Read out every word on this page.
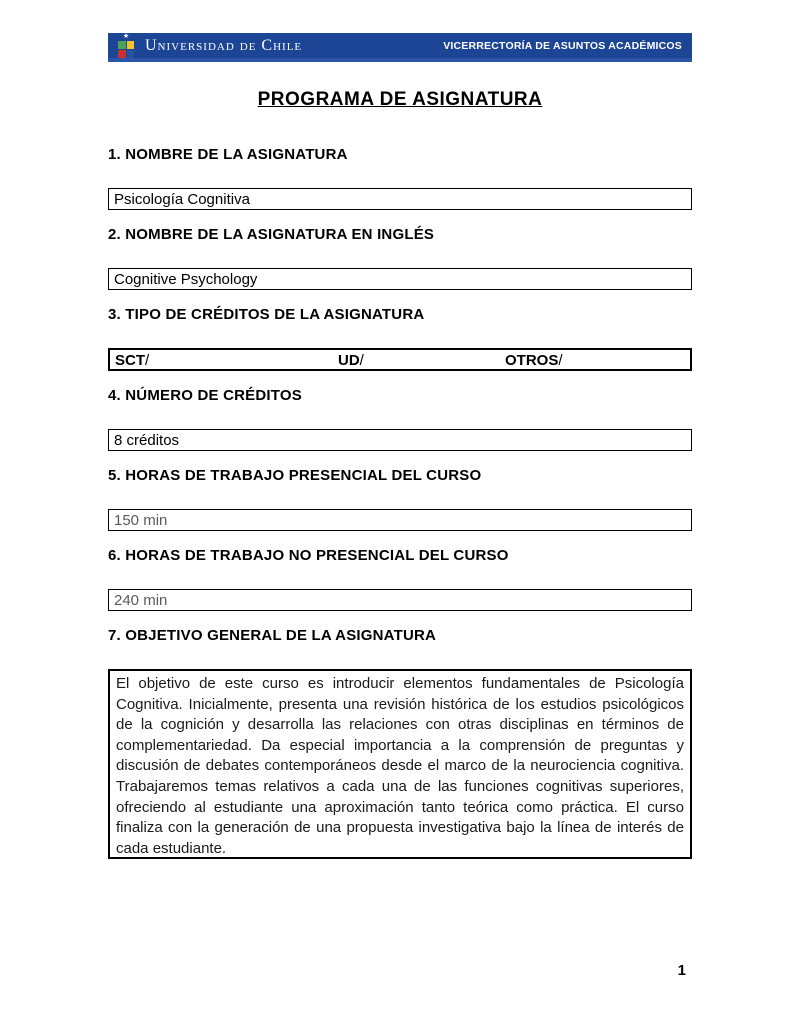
★ Universidad de Chile	VICERRECTORÍA DE ASUNTOS ACADÉMICOS
PROGRAMA DE ASIGNATURA
1. NOMBRE DE LA ASIGNATURA
Psicología Cognitiva
2. NOMBRE DE LA ASIGNATURA EN INGLÉS
Cognitive Psychology
3. TIPO DE CRÉDITOS DE LA ASIGNATURA
SCT/	UD/	OTROS/
4. NÚMERO DE CRÉDITOS
8 créditos
5. HORAS DE TRABAJO PRESENCIAL DEL CURSO
150 min
6. HORAS DE TRABAJO NO PRESENCIAL DEL CURSO
240 min
7. OBJETIVO GENERAL DE LA ASIGNATURA
El objetivo de este curso es introducir elementos fundamentales de Psicología Cognitiva. Inicialmente, presenta una revisión histórica de los estudios psicológicos de la cognición y desarrolla las relaciones con otras disciplinas en términos de complementariedad. Da especial importancia a la comprensión de preguntas y discusión de debates contemporáneos desde el marco de la neurociencia cognitiva. Trabajaremos temas relativos a cada una de las funciones cognitivas superiores, ofreciendo al estudiante una aproximación tanto teórica como práctica. El curso finaliza con la generación de una propuesta investigativa bajo la línea de interés de cada estudiante.
1
